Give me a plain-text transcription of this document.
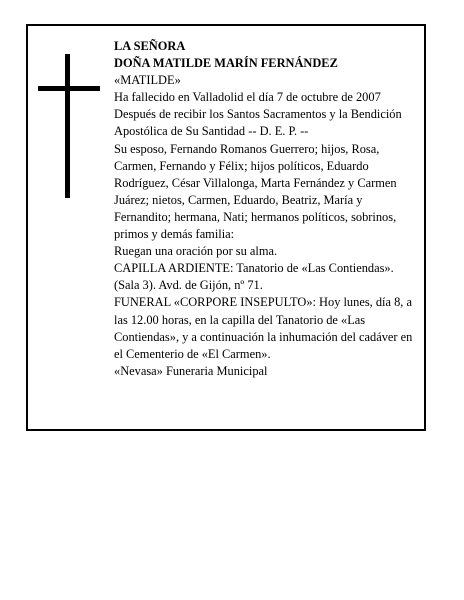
LA SEÑORA

DOÑA MATILDE MARÍN FERNÁNDEZ

«MATILDE»

Ha fallecido en Valladolid el día 7 de octubre de 2007

Después de recibir los Santos Sacramentos y la Bendición Apostólica de Su Santidad -- D. E. P. --

Su esposo, Fernando Romanos Guerrero; hijos, Rosa, Carmen, Fernando y Félix; hijos políticos, Eduardo Rodríguez, César Villalonga, Marta Fernández y Carmen Juárez; nietos, Carmen, Eduardo, Beatriz, María y Fernandito; hermana, Nati; hermanos políticos, sobrinos, primos y demás familia:

Ruegan una oración por su alma.

CAPILLA ARDIENTE: Tanatorio de «Las Contiendas». (Sala 3). Avd. de Gijón, nº 71.

FUNERAL «CORPORE INSEPULTO»: Hoy lunes, día 8, a las 12.00 horas, en la capilla del Tanatorio de «Las Contiendas», y a continuación la inhumación del cadáver en el Cementerio de «El Carmen».

«Nevasa» Funeraria Municipal
